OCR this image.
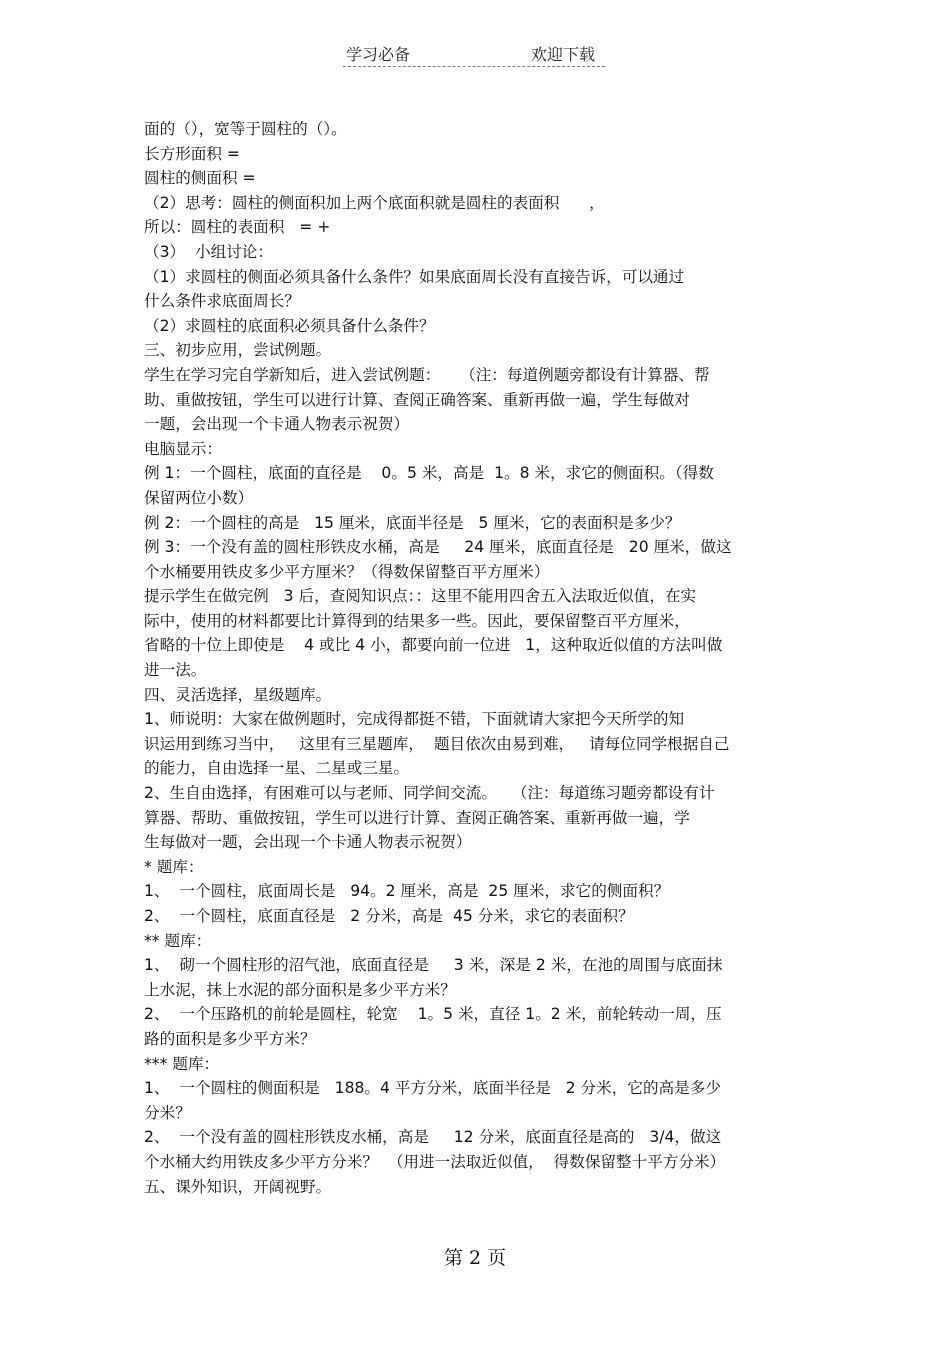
学习必备	欢迎下载
面的（），宽等于圆柱的（）。
长方形面积 =
圆柱的侧面积 =
（2）思考：圆柱的侧面积加上两个底面积就是圆柱的表面积      ，
所以：圆柱的表面积   = +
（3）  小组讨论：
（1）求圆柱的侧面必须具备什么条件？如果底面周长没有直接告诉，可以通过
什么条件求底面周长？
（2）求圆柱的底面积必须具备什么条件？
三、初步应用，尝试例题。
学生在学习完自学新知后，进入尝试例题：    （注：每道例题旁都设有计算器、帮
助、重做按钮，学生可以进行计算、查阅正确答案、重新再做一遍，学生每做对
一题，会出现一个卡通人物表示祝贺）
电脑显示：
例 1：一个圆柱，底面的直径是    0。5 米，高是  1。8 米，求它的侧面积。（得数
保留两位小数）
例 2：一个圆柱的高是   15 厘米，底面半径是   5 厘米，它的表面积是多少？
例 3：一个没有盖的圆柱形铁皮水桶，高是     24 厘米，底面直径是   20 厘米，做这
个水桶要用铁皮多少平方厘米？（得数保留整百平方厘米）
提示学生在做完例   3 后，查阅知识点：：这里不能用四舍五入法取近似值，在实
际中，使用的材料都要比计算得到的结果多一些。因此，要保留整百平方厘米，
省略的十位上即使是    4 或比 4 小，都要向前一位进   1，这种取近似值的方法叫做
进一法。
四、灵活选择，星级题库。
1、师说明：大家在做例题时，完成得都挺不错，下面就请大家把今天所学的知
识运用到练习当中，   这里有三星题库，  题目依次由易到难，   请每位同学根据自己
的能力，自由选择一星、二星或三星。
2、生自由选择，有困难可以与老师、同学间交流。   （注：每道练习题旁都设有计
算器、帮助、重做按钮，学生可以进行计算、查阅正确答案、重新再做一遍，学
生每做对一题，会出现一个卡通人物表示祝贺）
* 题库：
1、  一个圆柱，底面周长是   94。2 厘米，高是  25 厘米，求它的侧面积？
2、  一个圆柱，底面直径是   2 分米，高是  45 分米，求它的表面积？
** 题库：
1、  砌一个圆柱形的沼气池，底面直径是     3 米，深是 2 米，在池的周围与底面抹
上水泥，抹上水泥的部分面积是多少平方米？
2、  一个压路机的前轮是圆柱，轮宽    1。5 米，直径 1。2 米，前轮转动一周，压
路的面积是多少平方米？
*** 题库：
1、  一个圆柱的侧面积是   188。4 平方分米，底面半径是   2 分米，它的高是多少
分米？
2、  一个没有盖的圆柱形铁皮水桶，高是     12 分米，底面直径是高的   3/4，做这
个水桶大约用铁皮多少平方分米？  （用进一法取近似值，  得数保留整十平方分米）
五、课外知识，开阔视野。
第 2 页
